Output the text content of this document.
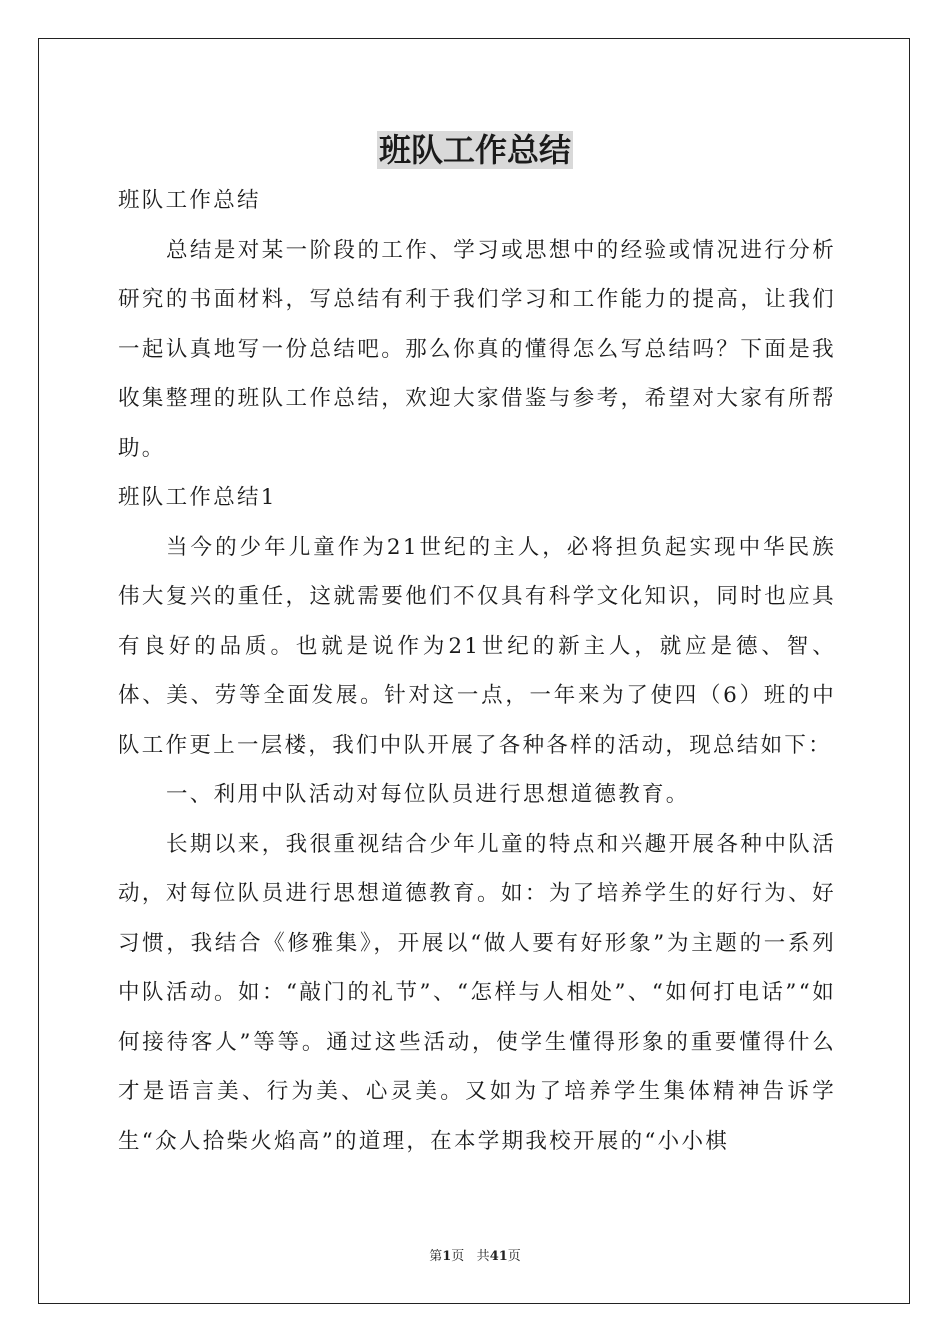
班队工作总结

班队工作总结

总结是对某一阶段的工作、学习或思想中的经验或情况进行分析研究的书面材料，写总结有利于我们学习和工作能力的提高，让我们一起认真地写一份总结吧。那么你真的懂得怎么写总结吗？下面是我收集整理的班队工作总结，欢迎大家借鉴与参考，希望对大家有所帮助。

班队工作总结1

当今的少年儿童作为21世纪的主人，必将担负起实现中华民族伟大复兴的重任，这就需要他们不仅具有科学文化知识，同时也应具有良好的品质。也就是说作为21世纪的新主人，就应是德、智、体、美、劳等全面发展。针对这一点，一年来为了使四（6）班的中队工作更上一层楼，我们中队开展了各种各样的活动，现总结如下：

一、利用中队活动对每位队员进行思想道德教育。

长期以来，我很重视结合少年儿童的特点和兴趣开展各种中队活动，对每位队员进行思想道德教育。如：为了培养学生的好行为、好习惯，我结合《修雅集》，开展以“做人要有好形象”为主题的一系列中队活动。如：“敲门的礼节”、“怎样与人相处”、“如何打电话”“如何接待客人”等等。通过这些活动，使学生懂得形象的重要懂得什么才是语言美、行为美、心灵美。又如为了培养学生集体精神告诉学生“众人拾柴火焰高”的道理，在本学期我校开展的“小小棋

第1页 共41页
